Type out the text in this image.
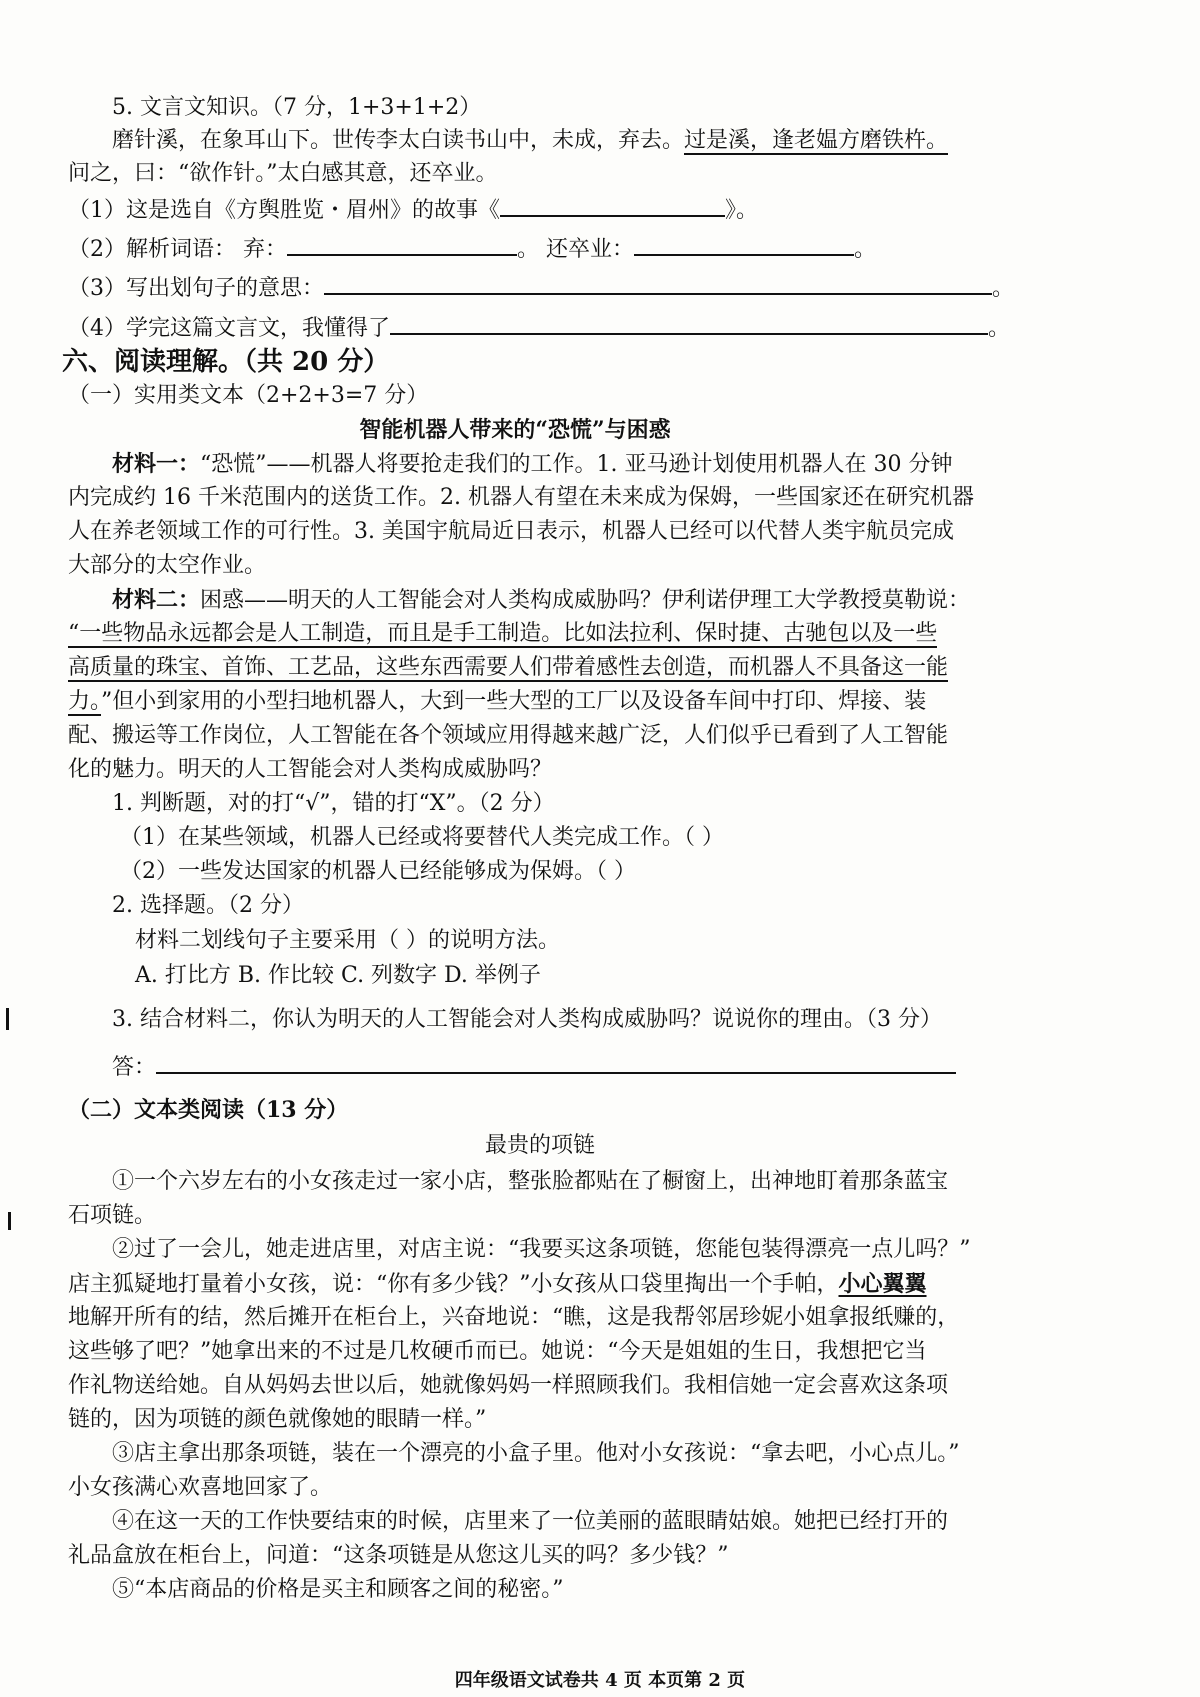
5. 文言文知识。（7 分，1+3+1+2）
磨针溪，在象耳山下。世传李太白读书山中，未成，弃去。过是溪，逢老媪方磨铁杵。
问之，曰：“欲作针。”太白感其意，还卒业。
（1）这是选自《方舆胜览・眉州》的故事《	》。
（2）解析词语： 弃：	。 还卒业：	。
（3）写出划句子的意思：	。
（4）学完这篇文言文，我懂得了	。
六、阅读理解。（共 20 分）
（一）实用类文本（2+2+3=7 分）
智能机器人带来的“恐慌”与困惑
材料一：“恐慌”——机器人将要抢走我们的工作。1. 亚马逊计划使用机器人在 30 分钟
内完成约 16 千米范围内的送货工作。2. 机器人有望在未来成为保姆，一些国家还在研究机器
人在养老领域工作的可行性。3. 美国宇航局近日表示，机器人已经可以代替人类宇航员完成
大部分的太空作业。
材料二：困惑——明天的人工智能会对人类构成威胁吗？伊利诺伊理工大学教授莫勒说：
“一些物品永远都会是人工制造，而且是手工制造。比如法拉利、保时捷、古驰包以及一些
高质量的珠宝、首饰、工艺品，这些东西需要人们带着感性去创造，而机器人不具备这一能
力。”但小到家用的小型扫地机器人，大到一些大型的工厂以及设备车间中打印、焊接、装
配、搬运等工作岗位，人工智能在各个领域应用得越来越广泛，人们似乎已看到了人工智能
化的魅力。明天的人工智能会对人类构成威胁吗？
1. 判断题，对的打“√”，错的打“X”。（2 分）
（1）在某些领域，机器人已经或将要替代人类完成工作。（ ）
（2）一些发达国家的机器人已经能够成为保姆。（ ）
2. 选择题。（2 分）
材料二划线句子主要采用（ ）的说明方法。
A. 打比方 B. 作比较 C. 列数字 D. 举例子
3. 结合材料二，你认为明天的人工智能会对人类构成威胁吗？说说你的理由。（3 分）
答：
（二）文本类阅读（13 分）
最贵的项链
①一个六岁左右的小女孩走过一家小店，整张脸都贴在了橱窗上，出神地盯着那条蓝宝
石项链。
②过了一会儿，她走进店里，对店主说：“我要买这条项链，您能包装得漂亮一点儿吗？”
店主狐疑地打量着小女孩，说：“你有多少钱？”小女孩从口袋里掏出一个手帕，小心翼翼
地解开所有的结，然后摊开在柜台上，兴奋地说：“瞧，这是我帮邻居珍妮小姐拿报纸赚的，
这些够了吧？”她拿出来的不过是几枚硬币而已。她说：“今天是姐姐的生日，我想把它当
作礼物送给她。自从妈妈去世以后，她就像妈妈一样照顾我们。我相信她一定会喜欢这条项
链的，因为项链的颜色就像她的眼睛一样。”
③店主拿出那条项链，装在一个漂亮的小盒子里。他对小女孩说：“拿去吧，小心点儿。”
小女孩满心欢喜地回家了。
④在这一天的工作快要结束的时候，店里来了一位美丽的蓝眼睛姑娘。她把已经打开的
礼品盒放在柜台上，问道：“这条项链是从您这儿买的吗？多少钱？”
⑤“本店商品的价格是买主和顾客之间的秘密。”
四年级语文试卷共 4 页 本页第 2 页
